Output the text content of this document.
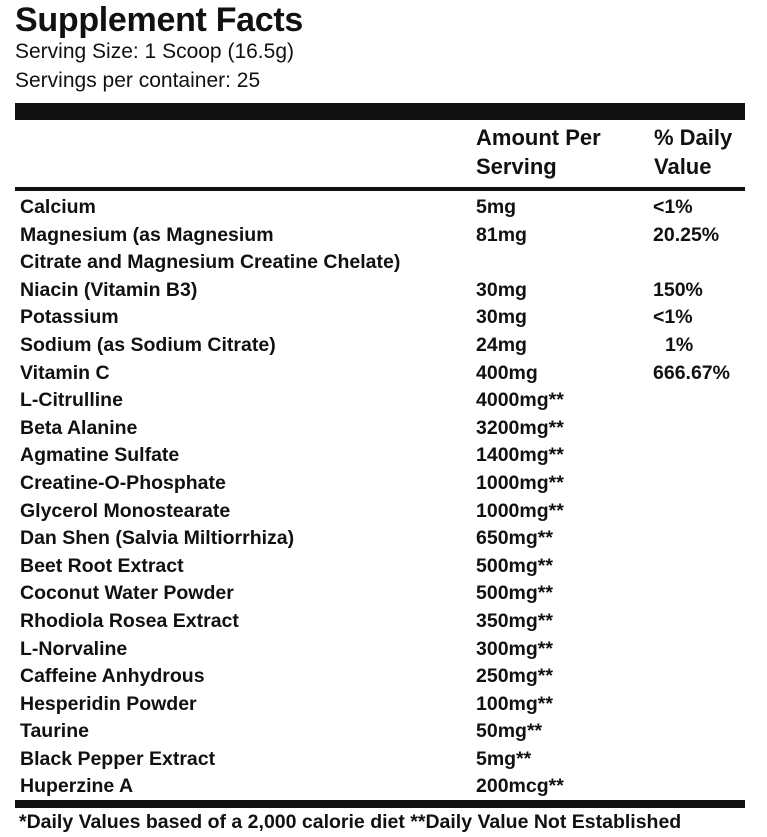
Supplement Facts
Serving Size: 1 Scoop (16.5g)
Servings per container: 25
Amount Per
Serving
% Daily
Value
Calcium	5mg	<1%
Magnesium (as Magnesium	81mg	20.25%
Citrate and Magnesium Creatine Chelate)
Niacin (Vitamin B3)	30mg	150%
Potassium	30mg	<1%
Sodium (as Sodium Citrate)	24mg	1%
Vitamin C	400mg	666.67%
L-Citrulline	4000mg**
Beta Alanine	3200mg**
Agmatine Sulfate	1400mg**
Creatine-O-Phosphate	1000mg**
Glycerol Monostearate	1000mg**
Dan Shen (Salvia Miltiorrhiza)	650mg**
Beet Root Extract	500mg**
Coconut Water Powder	500mg**
Rhodiola Rosea Extract	350mg**
L-Norvaline	300mg**
Caffeine Anhydrous	250mg**
Hesperidin Powder	100mg**
Taurine	50mg**
Black Pepper Extract	5mg**
Huperzine A	200mcg**
*Daily Values based of a 2,000 calorie diet **Daily Value Not Established
